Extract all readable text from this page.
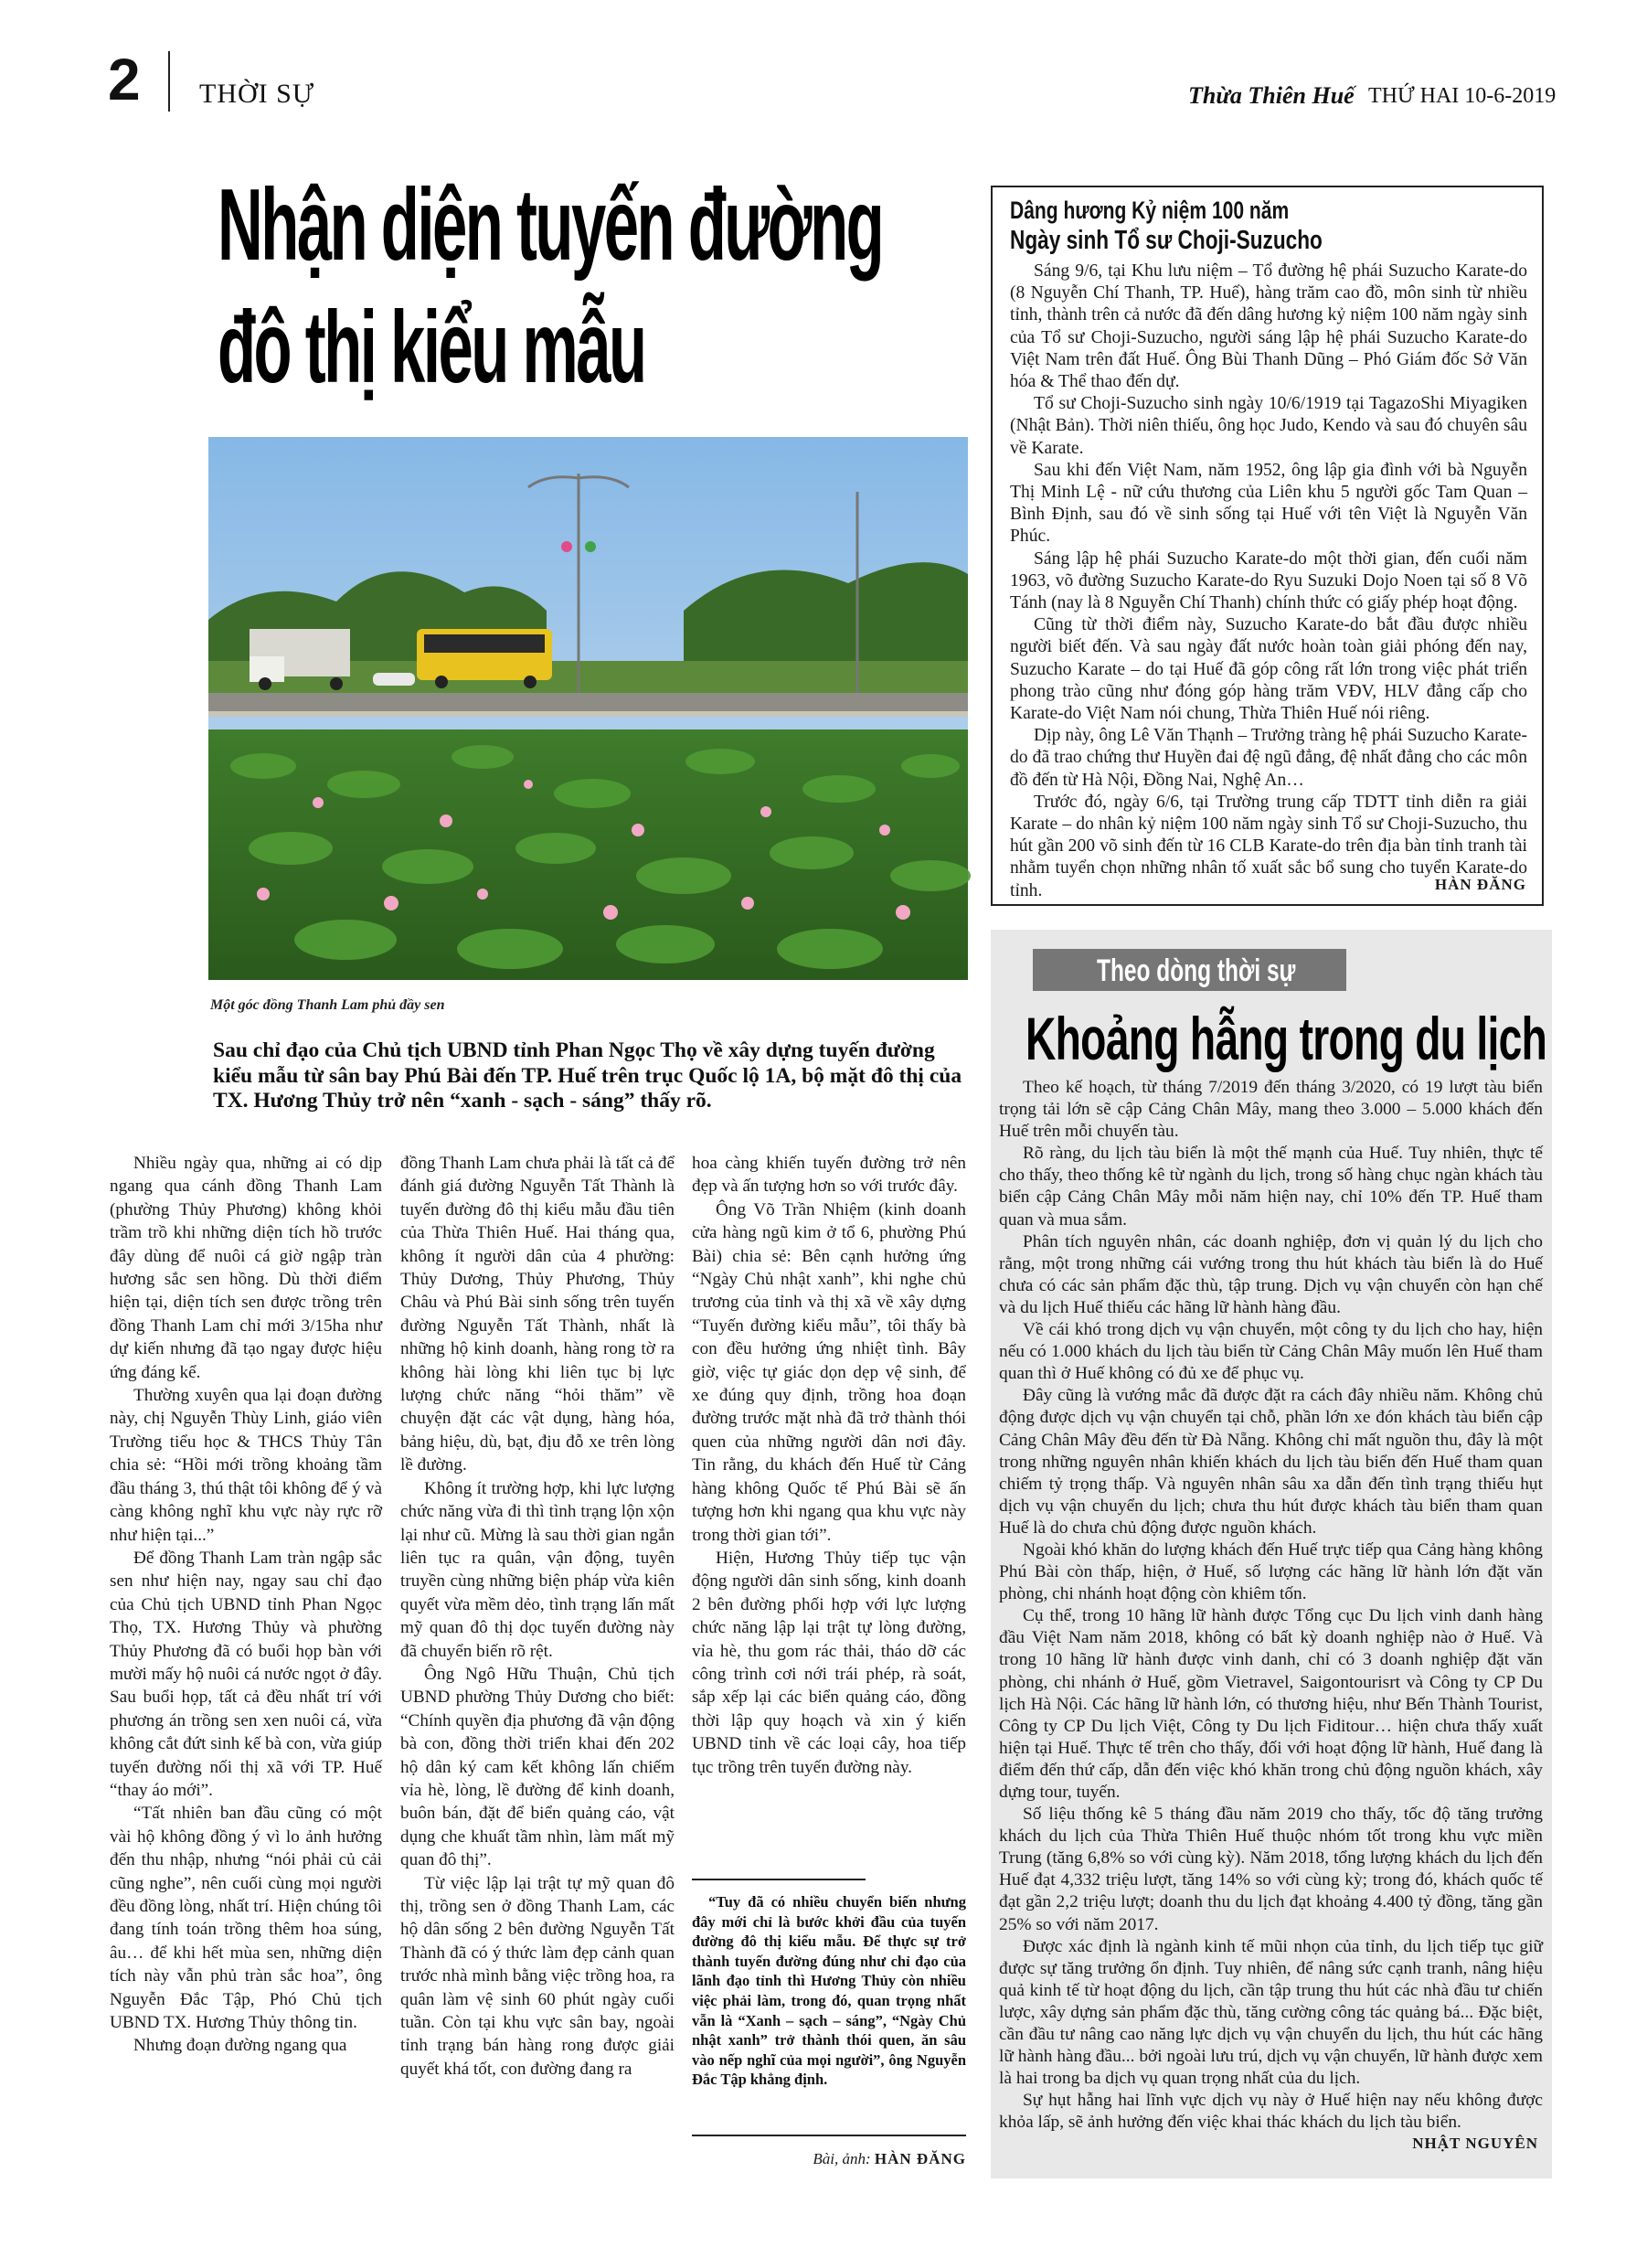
2 THỜI SỰ	Thừa Thiên Huế THỨ HAI 10-6-2019
Nhận diện tuyến đường
đô thị kiểu mẫu
Một góc đồng Thanh Lam phủ đầy sen
Sau chỉ đạo của Chủ tịch UBND tỉnh Phan Ngọc Thọ về xây dựng tuyến đường kiểu mẫu từ sân bay Phú Bài đến TP. Huế trên trục Quốc lộ 1A, bộ mặt đô thị của TX. Hương Thủy trở nên “xanh - sạch - sáng” thấy rõ.

Nhiều ngày qua, những ai có dịp ngang qua cánh đồng Thanh Lam (phường Thủy Phương) không khỏi trầm trồ khi những diện tích hồ trước đây dùng để nuôi cá giờ ngập tràn hương sắc sen hồng. Dù thời điểm hiện tại, diện tích sen được trồng trên đồng Thanh Lam chỉ mới 3/15ha như dự kiến nhưng đã tạo ngay được hiệu ứng đáng kể.

Thường xuyên qua lại đoạn đường này, chị Nguyễn Thùy Linh, giáo viên Trường tiểu học & THCS Thủy Tân chia sẻ: “Hồi mới trồng khoảng tầm đầu tháng 3, thú thật tôi không để ý và càng không nghĩ khu vực này rực rỡ như hiện tại...”

Để đồng Thanh Lam tràn ngập sắc sen như hiện nay, ngay sau chỉ đạo của Chủ tịch UBND tỉnh Phan Ngọc Thọ, TX. Hương Thủy và phường Thủy Phương đã có buổi họp bàn với mười mấy hộ nuôi cá nước ngọt ở đây. Sau buổi họp, tất cả đều nhất trí với phương án trồng sen xen nuôi cá, vừa không cắt đứt sinh kế bà con, vừa giúp tuyến đường nối thị xã với TP. Huế “thay áo mới”.

“Tất nhiên ban đầu cũng có một vài hộ không đồng ý vì lo ảnh hưởng đến thu nhập, nhưng “nói phải củ cải cũng nghe”, nên cuối cùng mọi người đều đồng lòng, nhất trí. Hiện chúng tôi đang tính toán trồng thêm hoa súng, âu… để khi hết mùa sen, những diện tích này vẫn phủ tràn sắc hoa”, ông Nguyễn Đắc Tập, Phó Chủ tịch UBND TX. Hương Thủy thông tin.

Nhưng đoạn đường ngang qua

đồng Thanh Lam chưa phải là tất cả để đánh giá đường Nguyễn Tất Thành là tuyến đường đô thị kiểu mẫu đầu tiên của Thừa Thiên Huế. Hai tháng qua, không ít người dân của 4 phường: Thủy Dương, Thủy Phương, Thủy Châu và Phú Bài sinh sống trên tuyến đường Nguyễn Tất Thành, nhất là những hộ kinh doanh, hàng rong tờ ra không hài lòng khi liên tục bị lực lượng chức năng “hỏi thăm” về chuyện đặt các vật dụng, hàng hóa, bảng hiệu, dù, bạt, địu đỗ xe trên lòng lề đường.

Không ít trường hợp, khi lực lượng chức năng vừa đi thì tình trạng lộn xộn lại như cũ. Mừng là sau thời gian ngắn liên tục ra quân, vận động, tuyên truyền cùng những biện pháp vừa kiên quyết vừa mềm dẻo, tình trạng lấn mất mỹ quan đô thị dọc tuyến đường này đã chuyển biến rõ rệt.

Ông Ngô Hữu Thuận, Chủ tịch UBND phường Thủy Dương cho biết: “Chính quyền địa phương đã vận động bà con, đồng thời triển khai đến 202 hộ dân ký cam kết không lấn chiếm vỉa hè, lòng, lề đường để kinh doanh, buôn bán, đặt để biển quảng cáo, vật dụng che khuất tầm nhìn, làm mất mỹ quan đô thị”.

Từ việc lập lại trật tự mỹ quan đô thị, trồng sen ở đồng Thanh Lam, các hộ dân sống 2 bên đường Nguyễn Tất Thành đã có ý thức làm đẹp cảnh quan trước nhà mình bằng việc trồng hoa, ra quân làm vệ sinh 60 phút ngày cuối tuần. Còn tại khu vực sân bay, ngoài tỉnh trạng bán hàng rong được giải quyết khá tốt, con đường đang ra

hoa càng khiến tuyến đường trở nên đẹp và ấn tượng hơn so với trước đây.

Ông Võ Trần Nhiệm (kinh doanh cửa hàng ngũ kim ở tổ 6, phường Phú Bài) chia sẻ: Bên cạnh hưởng ứng “Ngày Chủ nhật xanh”, khi nghe chủ trương của tỉnh và thị xã về xây dựng “Tuyến đường kiểu mẫu”, tôi thấy bà con đều hưởng ứng nhiệt tình. Bây giờ, việc tự giác dọn dẹp vệ sinh, để xe đúng quy định, trồng hoa đoạn đường trước mặt nhà đã trở thành thói quen của những người dân nơi đây. Tin rằng, du khách đến Huế từ Cảng hàng không Quốc tế Phú Bài sẽ ấn tượng hơn khi ngang qua khu vực này trong thời gian tới”.

Hiện, Hương Thủy tiếp tục vận động người dân sinh sống, kinh doanh 2 bên đường phối hợp với lực lượng chức năng lập lại trật tự lòng đường, vỉa hè, thu gom rác thải, tháo dỡ các công trình cơi nới trái phép, rà soát, sắp xếp lại các biển quảng cáo, đồng thời lập quy hoạch và xin ý kiến UBND tỉnh về các loại cây, hoa tiếp tục trồng trên tuyến đường này.

“Tuy đã có nhiều chuyển biến nhưng đây mới chỉ là bước khởi đầu của tuyến đường đô thị kiểu mẫu. Để thực sự trở thành tuyến đường đúng như chỉ đạo của lãnh đạo tỉnh thì Hương Thủy còn nhiều việc phải làm, trong đó, quan trọng nhất vẫn là “Xanh – sạch – sáng”, “Ngày Chủ nhật xanh” trở thành thói quen, ăn sâu vào nếp nghĩ của mọi người”, ông Nguyễn Đắc Tập khẳng định.
Bài, ảnh: HÀN ĐĂNG
Dâng hương Kỷ niệm 100 năm
Ngày sinh Tổ sư Choji-Suzucho

Sáng 9/6, tại Khu lưu niệm – Tổ đường hệ phái Suzucho Karate-do (8 Nguyễn Chí Thanh, TP. Huế), hàng trăm cao đồ, môn sinh từ nhiều tỉnh, thành trên cả nước đã đến dâng hương kỷ niệm 100 năm ngày sinh của Tổ sư Choji-Suzucho, người sáng lập hệ phái Suzucho Karate-do Việt Nam trên đất Huế. Ông Bùi Thanh Dũng – Phó Giám đốc Sở Văn hóa & Thể thao đến dự.

Tổ sư Choji-Suzucho sinh ngày 10/6/1919 tại TagazoShi Miyagiken (Nhật Bản). Thời niên thiếu, ông học Judo, Kendo và sau đó chuyên sâu về Karate.

Sau khi đến Việt Nam, năm 1952, ông lập gia đình với bà Nguyễn Thị Minh Lệ - nữ cứu thương của Liên khu 5 người gốc Tam Quan – Bình Định, sau đó về sinh sống tại Huế với tên Việt là Nguyễn Văn Phúc.

Sáng lập hệ phái Suzucho Karate-do một thời gian, đến cuối năm 1963, võ đường Suzucho Karate-do Ryu Suzuki Dojo Noen tại số 8 Võ Tánh (nay là 8 Nguyễn Chí Thanh) chính thức có giấy phép hoạt động.

Cũng từ thời điểm này, Suzucho Karate-do bắt đầu được nhiều người biết đến. Và sau ngày đất nước hoàn toàn giải phóng đến nay, Suzucho Karate – do tại Huế đã góp công rất lớn trong việc phát triển phong trào cũng như đóng góp hàng trăm VĐV, HLV đẳng cấp cho Karate-do Việt Nam nói chung, Thừa Thiên Huế nói riêng.

Dịp này, ông Lê Văn Thạnh – Trưởng tràng hệ phái Suzucho Karate-do đã trao chứng thư Huyền đai đệ ngũ đẳng, đệ nhất đẳng cho các môn đồ đến từ Hà Nội, Đồng Nai, Nghệ An…

Trước đó, ngày 6/6, tại Trường trung cấp TDTT tỉnh diễn ra giải Karate – do nhân kỷ niệm 100 năm ngày sinh Tổ sư Choji-Suzucho, thu hút gần 200 võ sinh đến từ 16 CLB Karate-do trên địa bàn tỉnh tranh tài nhằm tuyển chọn những nhân tố xuất sắc bổ sung cho tuyển Karate-do tỉnh.	HÀN ĐĂNG
Theo dòng thời sự
Khoảng hẫng trong du lịch

Theo kế hoạch, từ tháng 7/2019 đến tháng 3/2020, có 19 lượt tàu biển trọng tải lớn sẽ cập Cảng Chân Mây, mang theo 3.000 – 5.000 khách đến Huế trên mỗi chuyến tàu.

Rõ ràng, du lịch tàu biển là một thế mạnh của Huế. Tuy nhiên, thực tế cho thấy, theo thống kê từ ngành du lịch, trong số hàng chục ngàn khách tàu biển cập Cảng Chân Mây mỗi năm hiện nay, chỉ 10% đến TP. Huế tham quan và mua sắm.

Phân tích nguyên nhân, các doanh nghiệp, đơn vị quản lý du lịch cho rằng, một trong những cái vướng trong thu hút khách tàu biển là do Huế chưa có các sản phẩm đặc thù, tập trung. Dịch vụ vận chuyển còn hạn chế và du lịch Huế thiếu các hãng lữ hành hàng đầu.

Về cái khó trong dịch vụ vận chuyển, một công ty du lịch cho hay, hiện nếu có 1.000 khách du lịch tàu biển từ Cảng Chân Mây muốn lên Huế tham quan thì ở Huế không có đủ xe để phục vụ.

Đây cũng là vướng mắc đã được đặt ra cách đây nhiều năm. Không chủ động được dịch vụ vận chuyển tại chỗ, phần lớn xe đón khách tàu biển cập Cảng Chân Mây đều đến từ Đà Nẵng. Không chỉ mất nguồn thu, đây là một trong những nguyên nhân khiến khách du lịch tàu biển đến Huế tham quan chiếm tỷ trọng thấp. Và nguyên nhân sâu xa dẫn đến tình trạng thiếu hụt dịch vụ vận chuyển du lịch; chưa thu hút được khách tàu biển tham quan Huế là do chưa chủ động được nguồn khách.

Ngoài khó khăn do lượng khách đến Huế trực tiếp qua Cảng hàng không Phú Bài còn thấp, hiện, ở Huế, số lượng các hãng lữ hành lớn đặt văn phòng, chi nhánh hoạt động còn khiêm tốn.

Cụ thể, trong 10 hãng lữ hành được Tổng cục Du lịch vinh danh hàng đầu Việt Nam năm 2018, không có bất kỳ doanh nghiệp nào ở Huế. Và trong 10 hãng lữ hành được vinh danh, chỉ có 3 doanh nghiệp đặt văn phòng, chi nhánh ở Huế, gồm Vietravel, Saigontourisrt và Công ty CP Du lịch Hà Nội. Các hãng lữ hành lớn, có thương hiệu, như Bến Thành Tourist, Công ty CP Du lịch Việt, Công ty Du lịch Fiditour… hiện chưa thấy xuất hiện tại Huế. Thực tế trên cho thấy, đối với hoạt động lữ hành, Huế đang là điểm đến thứ cấp, dẫn đến việc khó khăn trong chủ động nguồn khách, xây dựng tour, tuyến.

Số liệu thống kê 5 tháng đầu năm 2019 cho thấy, tốc độ tăng trưởng khách du lịch của Thừa Thiên Huế thuộc nhóm tốt trong khu vực miền Trung (tăng 6,8% so với cùng kỳ). Năm 2018, tổng lượng khách du lịch đến Huế đạt 4,332 triệu lượt, tăng 14% so với cùng kỳ; trong đó, khách quốc tế đạt gần 2,2 triệu lượt; doanh thu du lịch đạt khoảng 4.400 tỷ đồng, tăng gần 25% so với năm 2017.

Được xác định là ngành kinh tế mũi nhọn của tỉnh, du lịch tiếp tục giữ được sự tăng trưởng ổn định. Tuy nhiên, để nâng sức cạnh tranh, nâng hiệu quả kinh tế từ hoạt động du lịch, cần tập trung thu hút các nhà đầu tư chiến lược, xây dựng sản phẩm đặc thù, tăng cường công tác quảng bá... Đặc biệt, cần đầu tư nâng cao năng lực dịch vụ vận chuyển du lịch, thu hút các hãng lữ hành hàng đầu... bởi ngoài lưu trú, dịch vụ vận chuyển, lữ hành được xem là hai trong ba dịch vụ quan trọng nhất của du lịch.

Sự hụt hẫng hai lĩnh vực dịch vụ này ở Huế hiện nay nếu không được khỏa lấp, sẽ ảnh hưởng đến việc khai thác khách du lịch tàu biển.

NHẬT NGUYÊN
